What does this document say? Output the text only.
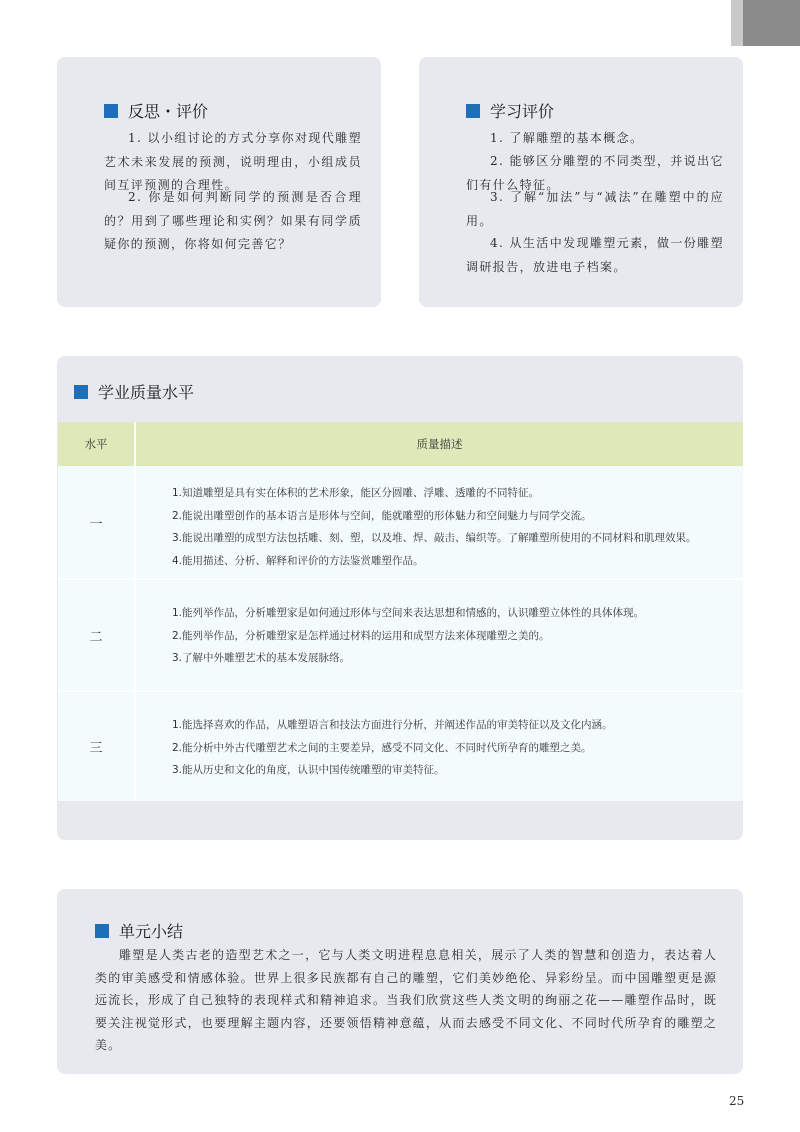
反思・评价
1. 以小组讨论的方式分享你对现代雕塑艺术未来发展的预测，说明理由，小组成员间互评预测的合理性。
2. 你是如何判断同学的预测是否合理的？用到了哪些理论和实例？如果有同学质疑你的预测，你将如何完善它？
学习评价
1. 了解雕塑的基本概念。
2. 能够区分雕塑的不同类型，并说出它们有什么特征。
3. 了解“加法”与“减法”在雕塑中的应用。
4. 从生活中发现雕塑元素，做一份雕塑调研报告，放进电子档案。
学业质量水平
水平	质量描述
一
1.知道雕塑是具有实在体积的艺术形象，能区分圆雕、浮雕、透雕的不同特征。
2.能说出雕塑创作的基本语言是形体与空间，能就雕塑的形体魅力和空间魅力与同学交流。
3.能说出雕塑的成型方法包括雕、刻、塑，以及堆、焊、敲击、编织等。了解雕塑所使用的不同材料和肌理效果。
4.能用描述、分析、解释和评价的方法鉴赏雕塑作品。
二
1.能列举作品，分析雕塑家是如何通过形体与空间来表达思想和情感的，认识雕塑立体性的具体体现。
2.能列举作品，分析雕塑家是怎样通过材料的运用和成型方法来体现雕塑之美的。
3.了解中外雕塑艺术的基本发展脉络。
三
1.能选择喜欢的作品，从雕塑语言和技法方面进行分析，并阐述作品的审美特征以及文化内涵。
2.能分析中外古代雕塑艺术之间的主要差异，感受不同文化、不同时代所孕育的雕塑之美。
3.能从历史和文化的角度，认识中国传统雕塑的审美特征。
单元小结
雕塑是人类古老的造型艺术之一，它与人类文明进程息息相关，展示了人类的智慧和创造力，表达着人类的审美感受和情感体验。世界上很多民族都有自己的雕塑，它们美妙绝伦、异彩纷呈。而中国雕塑更是源远流长，形成了自己独特的表现样式和精神追求。当我们欣赏这些人类文明的绚丽之花——雕塑作品时，既要关注视觉形式，也要理解主题内容，还要领悟精神意蕴，从而去感受不同文化、不同时代所孕育的雕塑之美。
25
